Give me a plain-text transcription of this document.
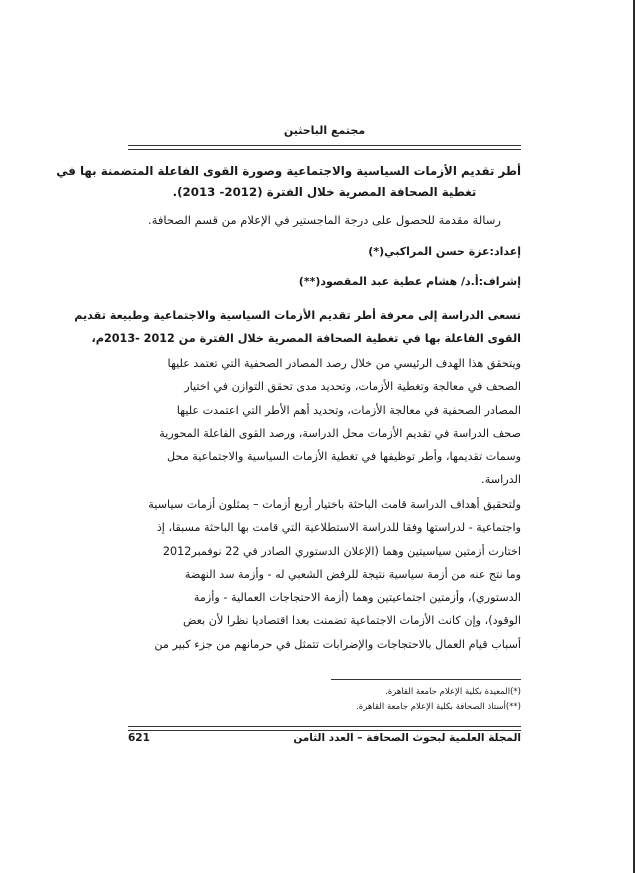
مجتمع الباحثين
أطر تقديم الأزمات السياسية والاجتماعية وصورة القوى الفاعلة المتضمنة بها في
تغطية الصحافة المصرية خلال الفترة (2012- 2013).
رسالة مقدمة للحصول على درجة الماجستير في الإعلام من قسم الصحافة.
إعداد:عزة حسن المراكبي(*)
إشراف:أ.د/ هشام عطية عبد المقصود(**)
تسعى الدراسة إلى معرفة أطر تقديم الأزمات السياسية والاجتماعية وطبيعة تقديم
القوى الفاعلة بها في تغطية الصحافة المصرية خلال الفترة من 2012 -2013م،
ويتحقق هذا الهدف الرئيسي من خلال رصد المصادر الصحفية التي تعتمد عليها
الصحف في معالجة وتغطية الأزمات، وتحديد مدى تحقق التوازن في اختيار
المصادر الصحفية في معالجة الأزمات، وتحديد أهم الأطر التي اعتمدت عليها
صحف الدراسة في تقديم الأزمات محل الدراسة، ورصد القوى الفاعلة المحورية
وسمات تقديمها، وأطر توظيفها في تغطية الأزمات السياسية والاجتماعية محل
الدراسة.
ولتحقيق أهداف الدراسة قامت الباحثة باختيار أربع أزمات – يمثلون أزمات سياسية
واجتماعية - لدراستها وفقا للدراسة الاستطلاعية التي قامت بها الباحثة مسبقا، إذ
اختارت أزمتين سياسيتين وهما (الإعلان الدستوري الصادر في 22 نوفمبر2012
وما نتج عنه من أزمة سياسية نتيجة للرفض الشعبي له - وأزمة سد النهضة
الدستوري)، وأزمتين اجتماعيتين وهما (أزمة الاحتجاجات العمالية - وأزمة
الوقود)، وإن كانت الأزمات الاجتماعية تضمنت بعدا اقتصاديا نظرا لأن بعض
أسباب قيام العمال بالاحتجاجات والإضرابات تتمثل في حرمانهم من جزء كبير من
(*)المعيدة بكلية الإعلام جامعة القاهرة.
(**)أستاذ الصحافة بكلية الإعلام جامعة القاهرة.
المجلة العلمية لبحوث الصحافة – العدد الثامن
621
